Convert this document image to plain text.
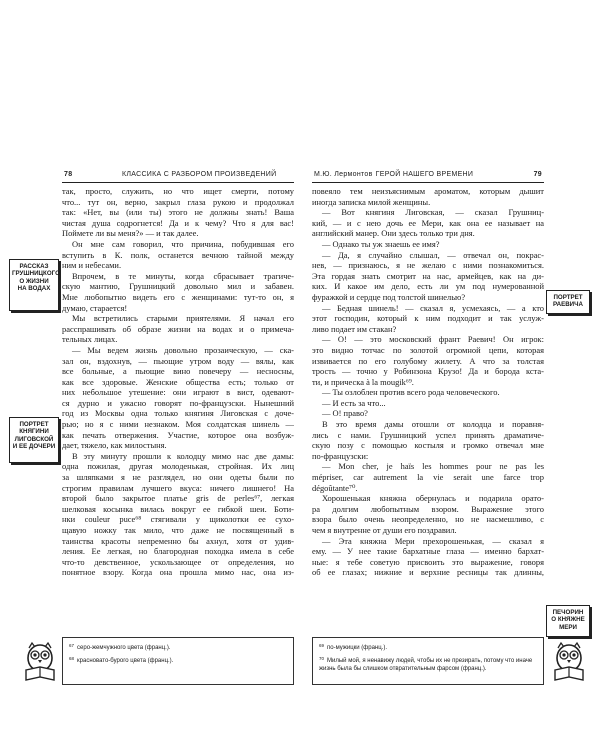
78	КЛАССИКА С РАЗБОРОМ ПРОИЗВЕДЕНИЙ	М.Ю. Лермонтов ГЕРОЙ НАШЕГО ВРЕМЕНИ	79
так, просто, служить, но что ищет смерти, потому
что... тут он, верно, закрыл глаза рукою и продолжал
так: «Нет, вы (или ты) этого не должны знать! Ваша
чистая душа содрогнется! Да и к чему? Что я для вас!
Поймете ли вы меня?» — и так далее.
Он мне сам говорил, что причина, побудившая его
вступить в К. полк, останется вечною тайной между
ним и небесами.
Впрочем, в те минуты, когда сбрасывает трагиче-
скую мантию, Грушницкий довольно мил и забавен.
Мне любопытно видеть его с женщинами: тут-то он, я
думаю, старается!
Мы встретились старыми приятелями. Я начал его
расспрашивать об образе жизни на водах и о примеча-
тельных лицах.
— Мы ведем жизнь довольно прозаическую, — ска-
зал он, вздохнув, — пьющие утром воду — вялы, как
все больные, а пьющие вино повечеру — несносны,
как все здоровые. Женские общества есть; только от
них небольшое утешение: они играют в вист, одевают-
ся дурно и ужасно говорят по-французски. Нынешний
год из Москвы одна только княгиня Лиговская с доче-
рью; но я с ними незнаком. Моя солдатская шинель —
как печать отвержения. Участие, которое она возбуж-
дает, тяжело, как милостыня.
В эту минуту прошли к колодцу мимо нас две дамы:
одна пожилая, другая молоденькая, стройная. Их лиц
за шляпками я не разглядел, но они одеты были по
строгим правилам лучшего вкуса: ничего лишнего! На
второй было закрытое платье gris de perles⁶⁷, легкая
шелковая косынка вилась вокруг ее гибкой шеи. Боти-
нки couleur puce⁶⁸ стягивали у щиколотки ее сухо-
щавую ножку так мило, что даже не посвященный в
таинства красоты непременно бы ахнул, хотя от удив-
ления. Ее легкая, но благородная походка имела в себе
что-то девственное, ускользающее от определения, но
понятное взору. Когда она прошла мимо нас, она из-
повеяло тем неизъяснимым ароматом, которым дышит
иногда записка милой женщины.
— Вот княгиня Лиговская, — сказал Грушниц-
кий, — и с нею дочь ее Мери, как она ее называет на
английский манер. Они здесь только три дня.
— Однако ты уж знаешь ее имя?
— Да, я случайно слышал, — отвечал он, покрас-
нев, — признаюсь, я не желаю с ними познакомиться.
Эта гордая знать смотрит на нас, армейцев, как на ди-
ких. И какое им дело, есть ли ум под нумерованной
фуражкой и сердце под толстой шинелью?
— Бедная шинель! — сказал я, усмехаясь, — а кто
этот господин, который к ним подходит и так услуж-
ливо подает им стакан?
— О! — это московский франт Раевич! Он игрок:
это видно тотчас по золотой огромной цепи, которая
извивается по его голубому жилету. А что за толстая
трость — точно у Робинзона Крузо! Да и борода кста-
ти, и прическа à la mougik⁶⁹.
— Ты озлоблен против всего рода человеческого.
— И есть за что...
— О! право?
В это время дамы отошли от колодца и поравня-
лись с нами. Грушницкий успел принять драматиче-
скую позу с помощью костыля и громко отвечал мне
по-французски:
— Mon cher, je haïs les hommes pour ne pas les
mépriser, car autrement la vie serait une farce trop
dégoûtante⁷⁰.
Хорошенькая княжна обернулась и подарила орато-
ра долгим любопытным взором. Выражение этого
взора было очень неопределенно, но не насмешливо, с
чем я внутренне от души его поздравил.
— Эта княжна Мери прехорошенькая, — сказал я
ему. — У нее такие бархатные глаза — именно бархат-
ные: я тебе советую присвоить это выражение, говоря
об ее глазах; нижние и верхние ресницы так длинны,
$^{67}$ серо-жемчужного цвета (франц.).
$^{68}$ красновато-бурого цвета (франц.).
$^{69}$ по-мужицки (франц.).
$^{70}$ Милый мой, я ненавижу людей, чтобы их не презирать, потому что иначе жизнь была бы слишком отвратительным фарсом (франц.).
РАССКАЗ
ГРУШНИЦКОГО
О ЖИЗНИ
НА ВОДАХ
ПОРТРЕТ
КНЯГИНИ
ЛИГОВСКОЙ
И ЕЕ ДОЧЕРИ
ПОРТРЕТ
РАЕВИЧА
ПЕЧОРИН
О КНЯЖНЕ
МЕРИ
